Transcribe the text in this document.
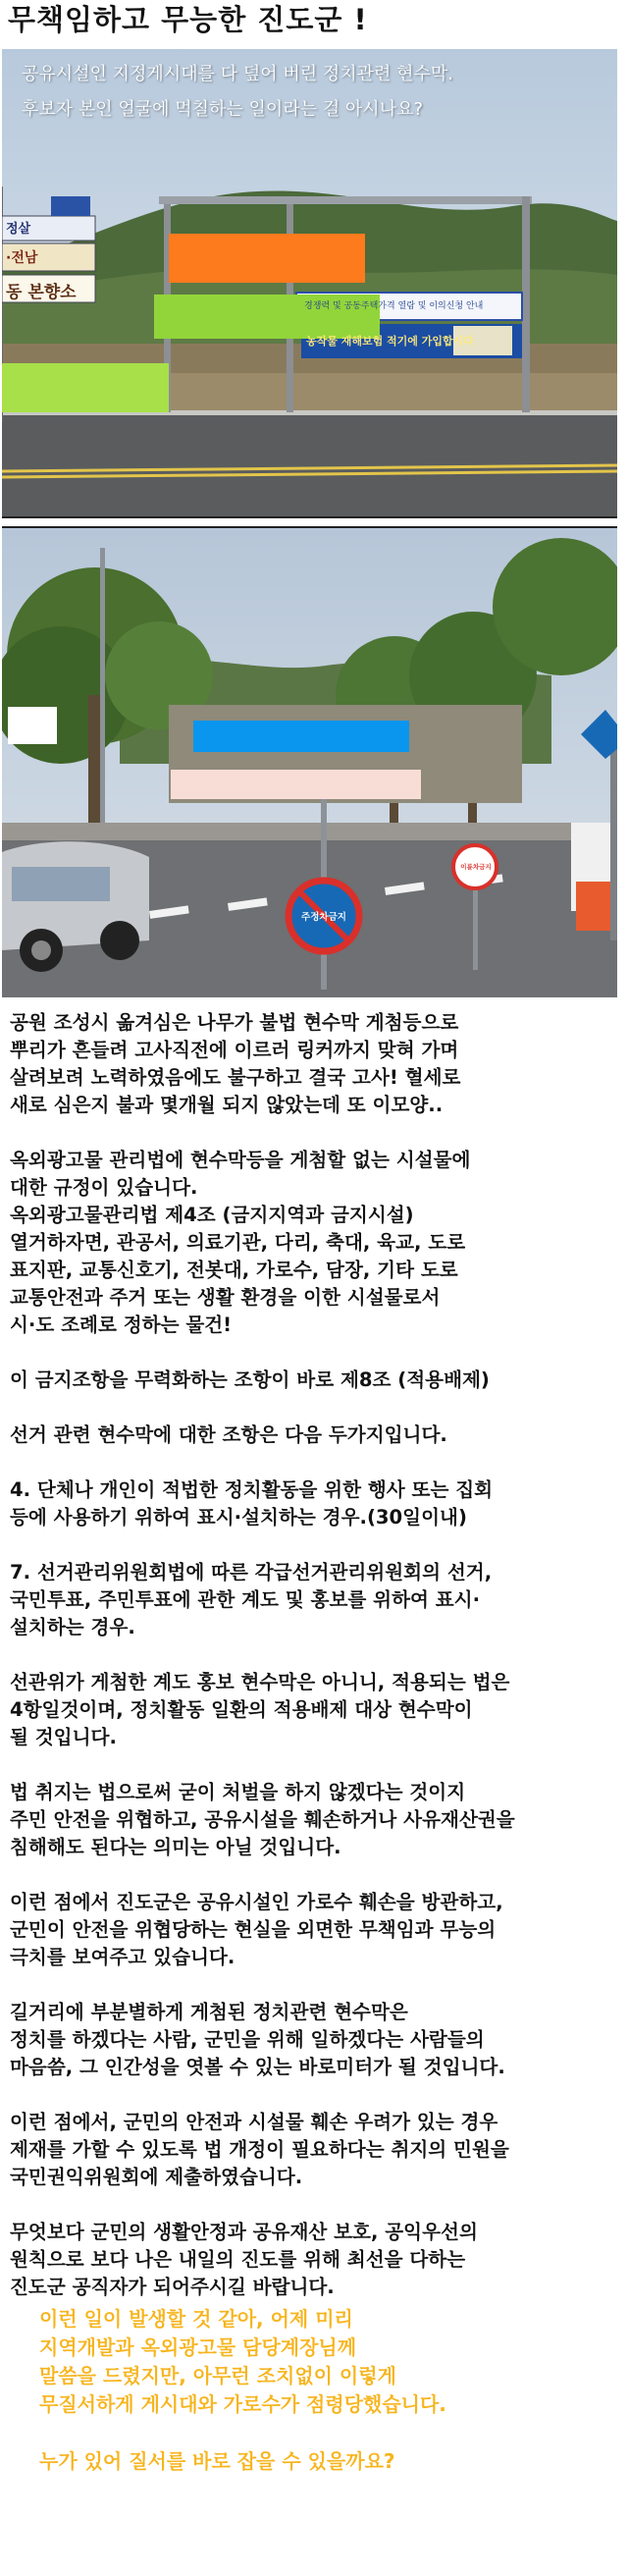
무책임하고 무능한 진도군 !
공유시설인 지정게시대를 다 덮어 버린 정치관련 현수막.
후보자 본인 얼굴에 먹칠하는 일이라는 걸 아시나요?
정살
·전남
동 본향소
경쟁력 및 공동주택가격 열람 및 이의신청 안내
농작물 재해보험 적기에 가입합시다
주정차금지
이륜차금지

공원 조성시 옮겨심은 나무가 불법 현수막 게첨등으로
뿌리가 흔들려 고사직전에 이르러 링커까지 맞혀 가며
살려보려 노력하였음에도 불구하고 결국 고사! 혈세로
새로 심은지 불과 몇개월 되지 않았는데 또 이모양..

옥외광고물 관리법에 현수막등을 게첨할 없는 시설물에
대한 규정이 있습니다.
옥외광고물관리법 제4조 (금지지역과 금지시설)
열거하자면, 관공서, 의료기관, 다리, 축대, 육교, 도로
표지판, 교통신호기, 전봇대, 가로수, 담장, 기타 도로
교통안전과 주거 또는 생활 환경을 이한 시설물로서
시·도 조례로 정하는 물건!

이 금지조항을 무력화하는 조항이 바로 제8조 (적용배제)

선거 관련 현수막에 대한 조항은 다음 두가지입니다.

4. 단체나 개인이 적법한 정치활동을 위한 행사 또는 집회
등에 사용하기 위하여 표시·설치하는 경우.(30일이내)

7. 선거관리위원회법에 따른 각급선거관리위원회의 선거,
국민투표, 주민투표에 관한 계도 및 홍보를 위하여 표시·
설치하는 경우.

선관위가 게첨한 계도 홍보 현수막은 아니니, 적용되는 법은
4항일것이며, 정치활동 일환의 적용배제 대상 현수막이
될 것입니다.

법 취지는 법으로써 굳이 처벌을 하지 않겠다는 것이지
주민 안전을 위협하고, 공유시설을 훼손하거나 사유재산권을
침해해도 된다는 의미는 아닐 것입니다.

이런 점에서 진도군은 공유시설인 가로수 훼손을 방관하고,
군민이 안전을 위협당하는 현실을 외면한 무책임과 무능의
극치를 보여주고 있습니다.

길거리에 부분별하게 게첨된 정치관련 현수막은
정치를 하겠다는 사람, 군민을 위해 일하겠다는 사람들의
마음씀, 그 인간성을 엿볼 수 있는 바로미터가 될 것입니다.

이런 점에서, 군민의 안전과 시설물 훼손 우려가 있는 경우
제재를 가할 수 있도록 법 개정이 필요하다는 취지의 민원을
국민권익위원회에 제출하였습니다.

무엇보다 군민의 생활안정과 공유재산 보호, 공익우선의
원칙으로 보다 나은 내일의 진도를 위해 최선을 다하는
진도군 공직자가 되어주시길 바랍니다.

이런 일이 발생할 것 같아, 어제 미리
지역개발과 옥외광고물 담당계장님께
말씀을 드렸지만, 아무런 조치없이 이렇게
무질서하게 게시대와 가로수가 점령당했습니다.

누가 있어 질서를 바로 잡을 수 있을까요?
